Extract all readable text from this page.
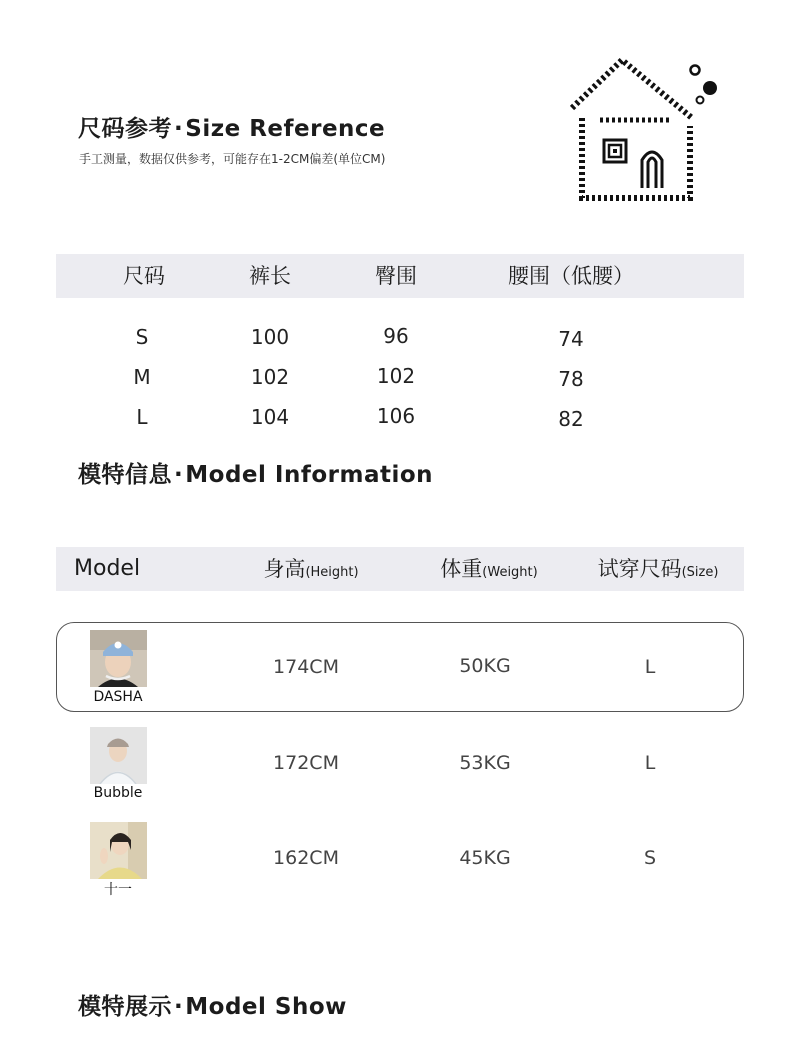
尺码参考·Size Reference
手工测量，数据仅供参考，可能存在1-2CM偏差(单位CM)
尺码	裤长	臀围	腰围（低腰）
S	100	96	74
M	102	102	78
L	104	106	82
模特信息·Model Information
Model	身高(Height)	体重(Weight)	试穿尺码(Size)
DASHA
174CM	50KG	L
Bubble
172CM	53KG	L
十一
162CM	45KG	S
模特展示·Model Show
